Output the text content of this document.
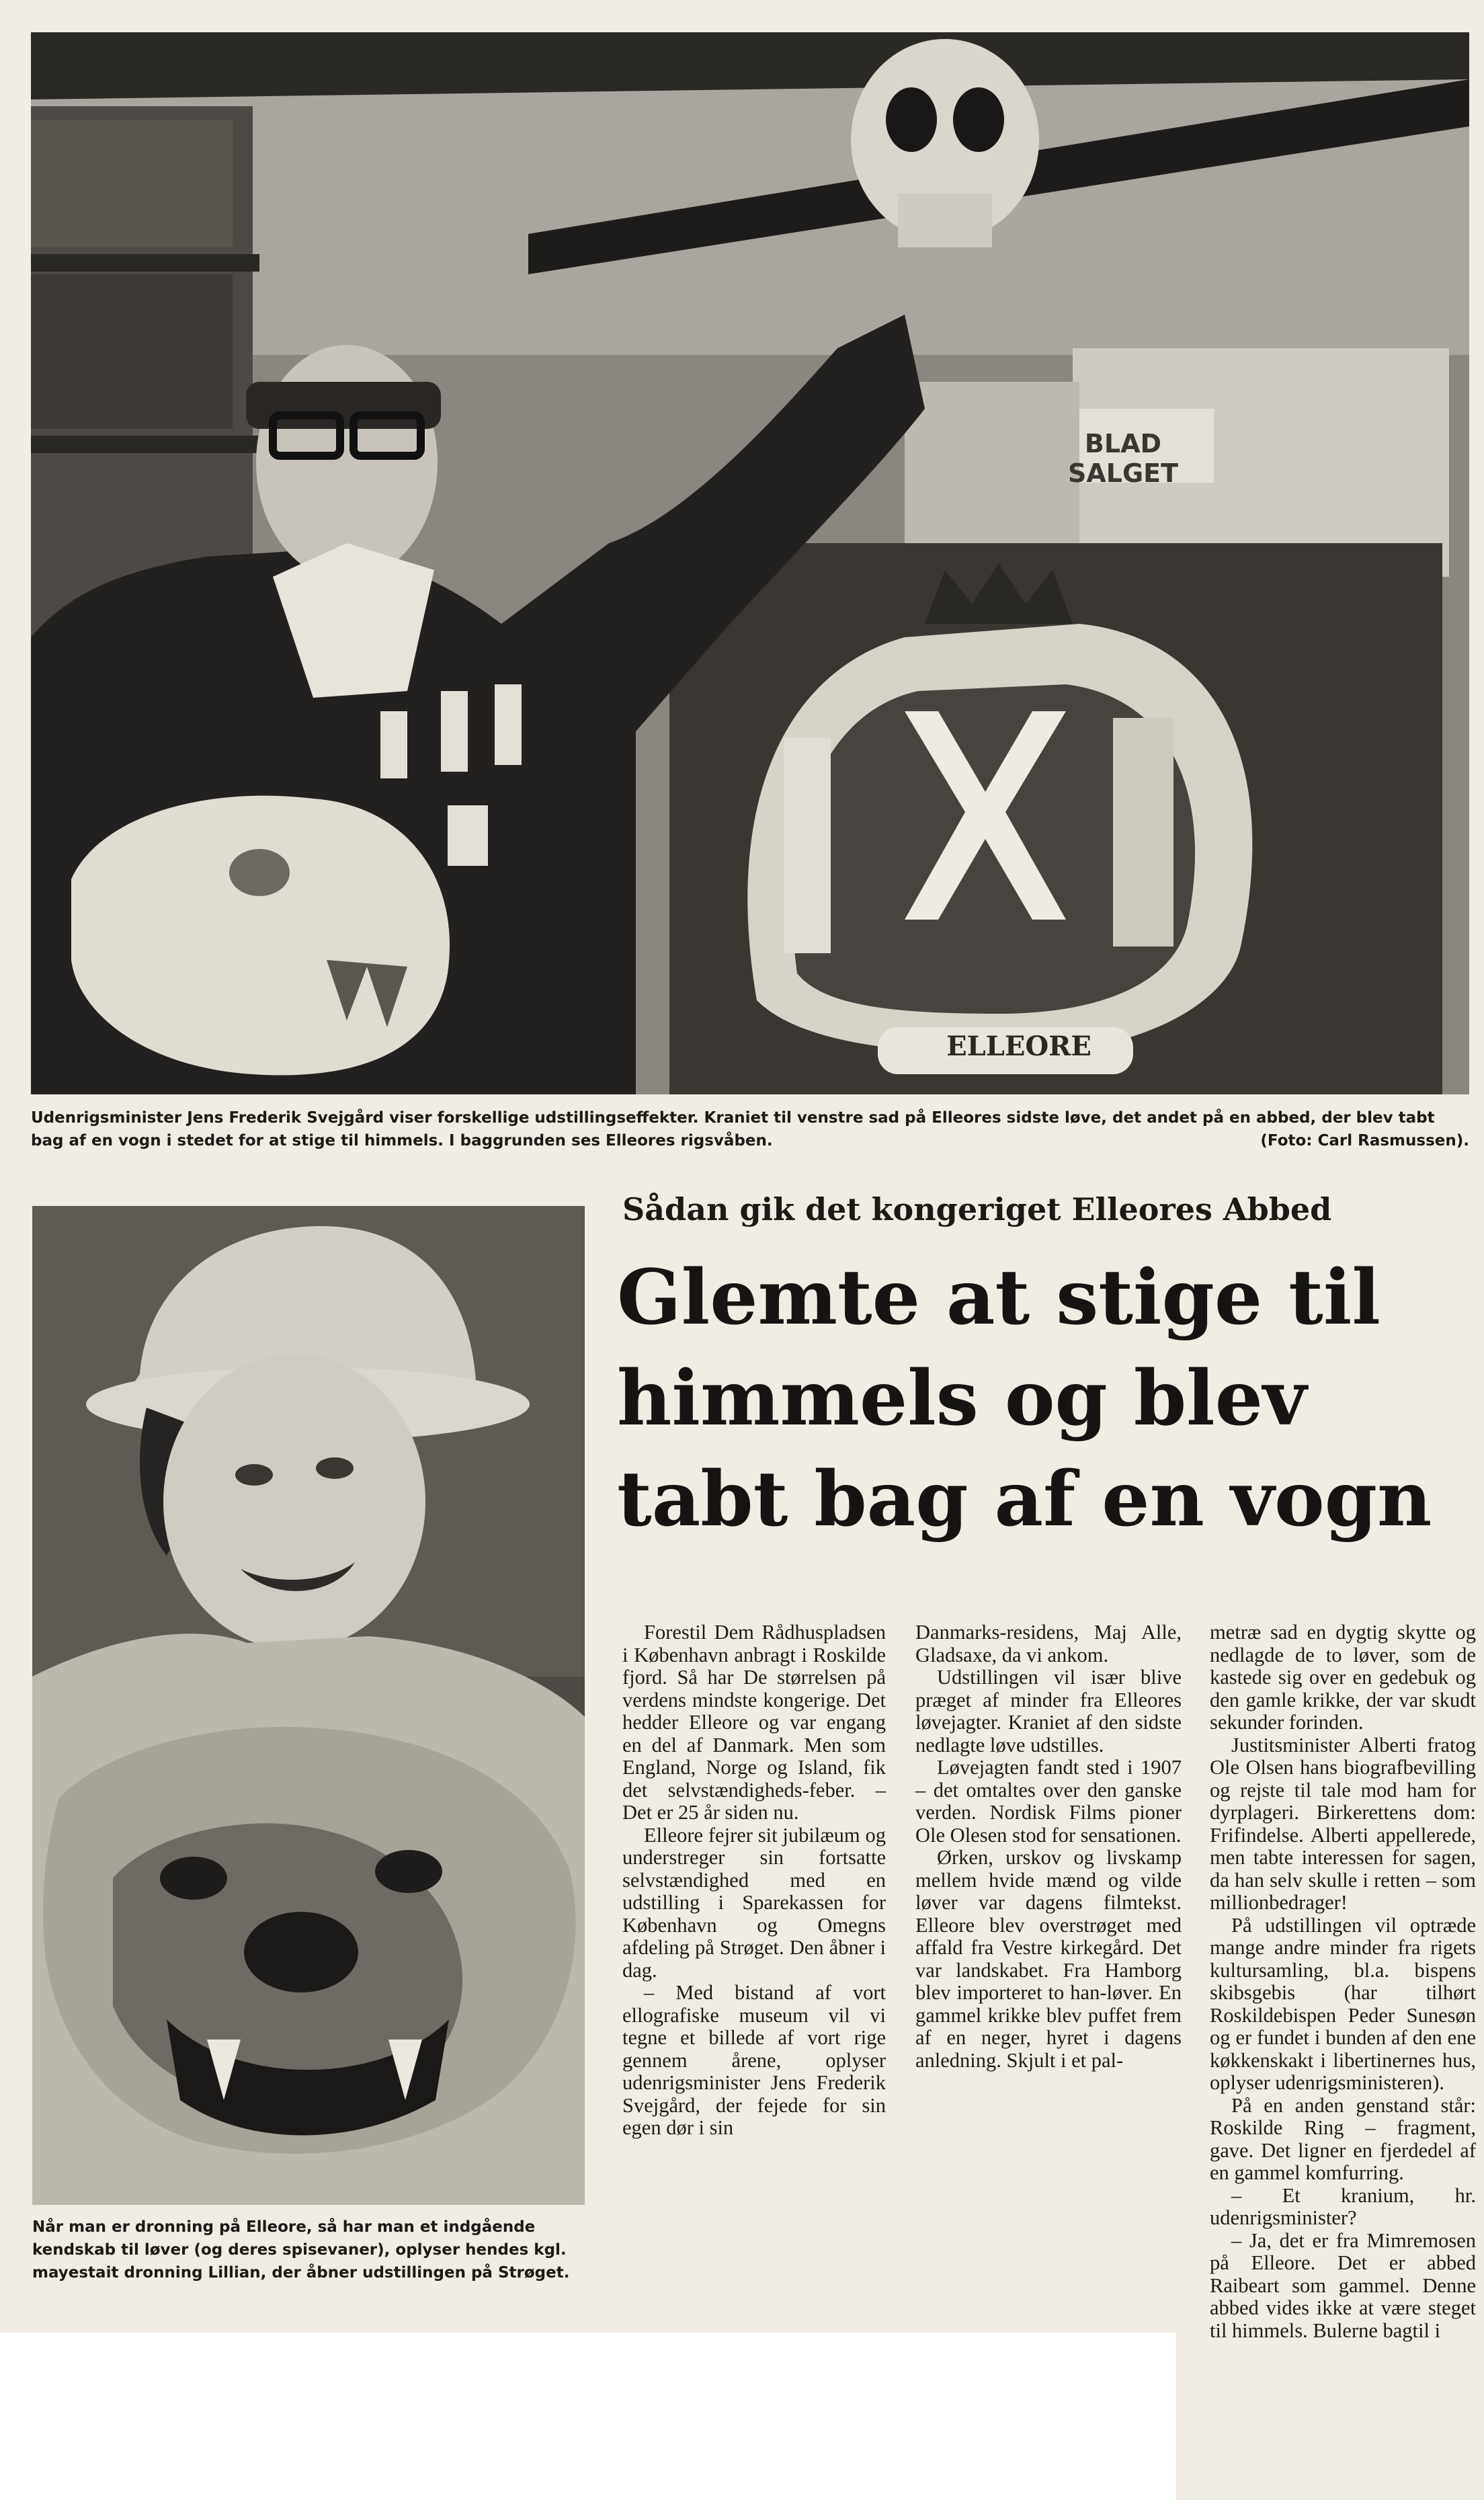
BLAD SALGET
ELLEORE
Udenrigsminister Jens Frederik Svejgård viser forskellige udstillingseffekter. Kraniet til venstre sad på Elleores sidste løve, det andet på en abbed, der blev tabt bag af en vogn i stedet for at stige til himmels. I baggrunden ses Elleores rigsvåben.	(Foto: Carl Rasmussen).
Når man er dronning på Elleore, så har man et indgående kendskab til løver (og deres spisevaner), oplyser hendes kgl. mayestait dronning Lillian, der åbner udstillingen på Strøget.
Sådan gik det kongeriget Elleores Abbed
Glemte at stige til
himmels og blev
tabt bag af en vogn

Forestil Dem Rådhuspladsen i København anbragt i Roskilde fjord. Så har De størrelsen på verdens mindste kongerige. Det hedder Elleore og var engang en del af Danmark. Men som England, Norge og Island, fik det selvstændigheds-feber. – Det er 25 år siden nu.

Elleore fejrer sit jubilæum og understreger sin fortsatte selvstændighed med en udstilling i Sparekassen for København og Omegns afdeling på Strøget. Den åbner i dag.

– Med bistand af vort ellografiske museum vil vi tegne et billede af vort rige gennem årene, oplyser udenrigsminister Jens Frederik Svejgård, der fejede for sin egen dør i sin

Danmarks-residens, Maj Alle, Gladsaxe, da vi ankom.

Udstillingen vil især blive præget af minder fra Elleores løvejagter. Kraniet af den sidste nedlagte løve udstilles.

Løvejagten fandt sted i 1907 – det omtaltes over den ganske verden. Nordisk Films pioner Ole Olesen stod for sensationen.

Ørken, urskov og livskamp mellem hvide mænd og vilde løver var dagens filmtekst. Elleore blev overstrøget med affald fra Vestre kirkegård. Det var landskabet. Fra Hamborg blev importeret to han-løver. En gammel krikke blev puffet frem af en neger, hyret i dagens anledning. Skjult i et pal-

metræ sad en dygtig skytte og nedlagde de to løver, som de kastede sig over en gedebuk og den gamle krikke, der var skudt sekunder forinden.

Justitsminister Alberti fratog Ole Olsen hans biografbevilling og rejste til tale mod ham for dyrplageri. Birkerettens dom: Frifindelse. Alberti appellerede, men tabte interessen for sagen, da han selv skulle i retten – som millionbedrager!

På udstillingen vil optræde mange andre minder fra rigets kultursamling, bl.a. bispens skibsgebis (har tilhørt Roskildebispen Peder Sunesøn og er fundet i bunden af den ene køkkenskakt i libertinernes hus, oplyser udenrigsministeren).

På en anden genstand står: Roskilde Ring – fragment, gave. Det ligner en fjerdedel af en gammel komfurring.

– Et kranium, hr. udenrigsminister?

– Ja, det er fra Mimremosen på Elleore. Det er abbed Raibeart som gammel. Denne abbed vides ikke at være steget til himmels. Bulerne bagtil i
